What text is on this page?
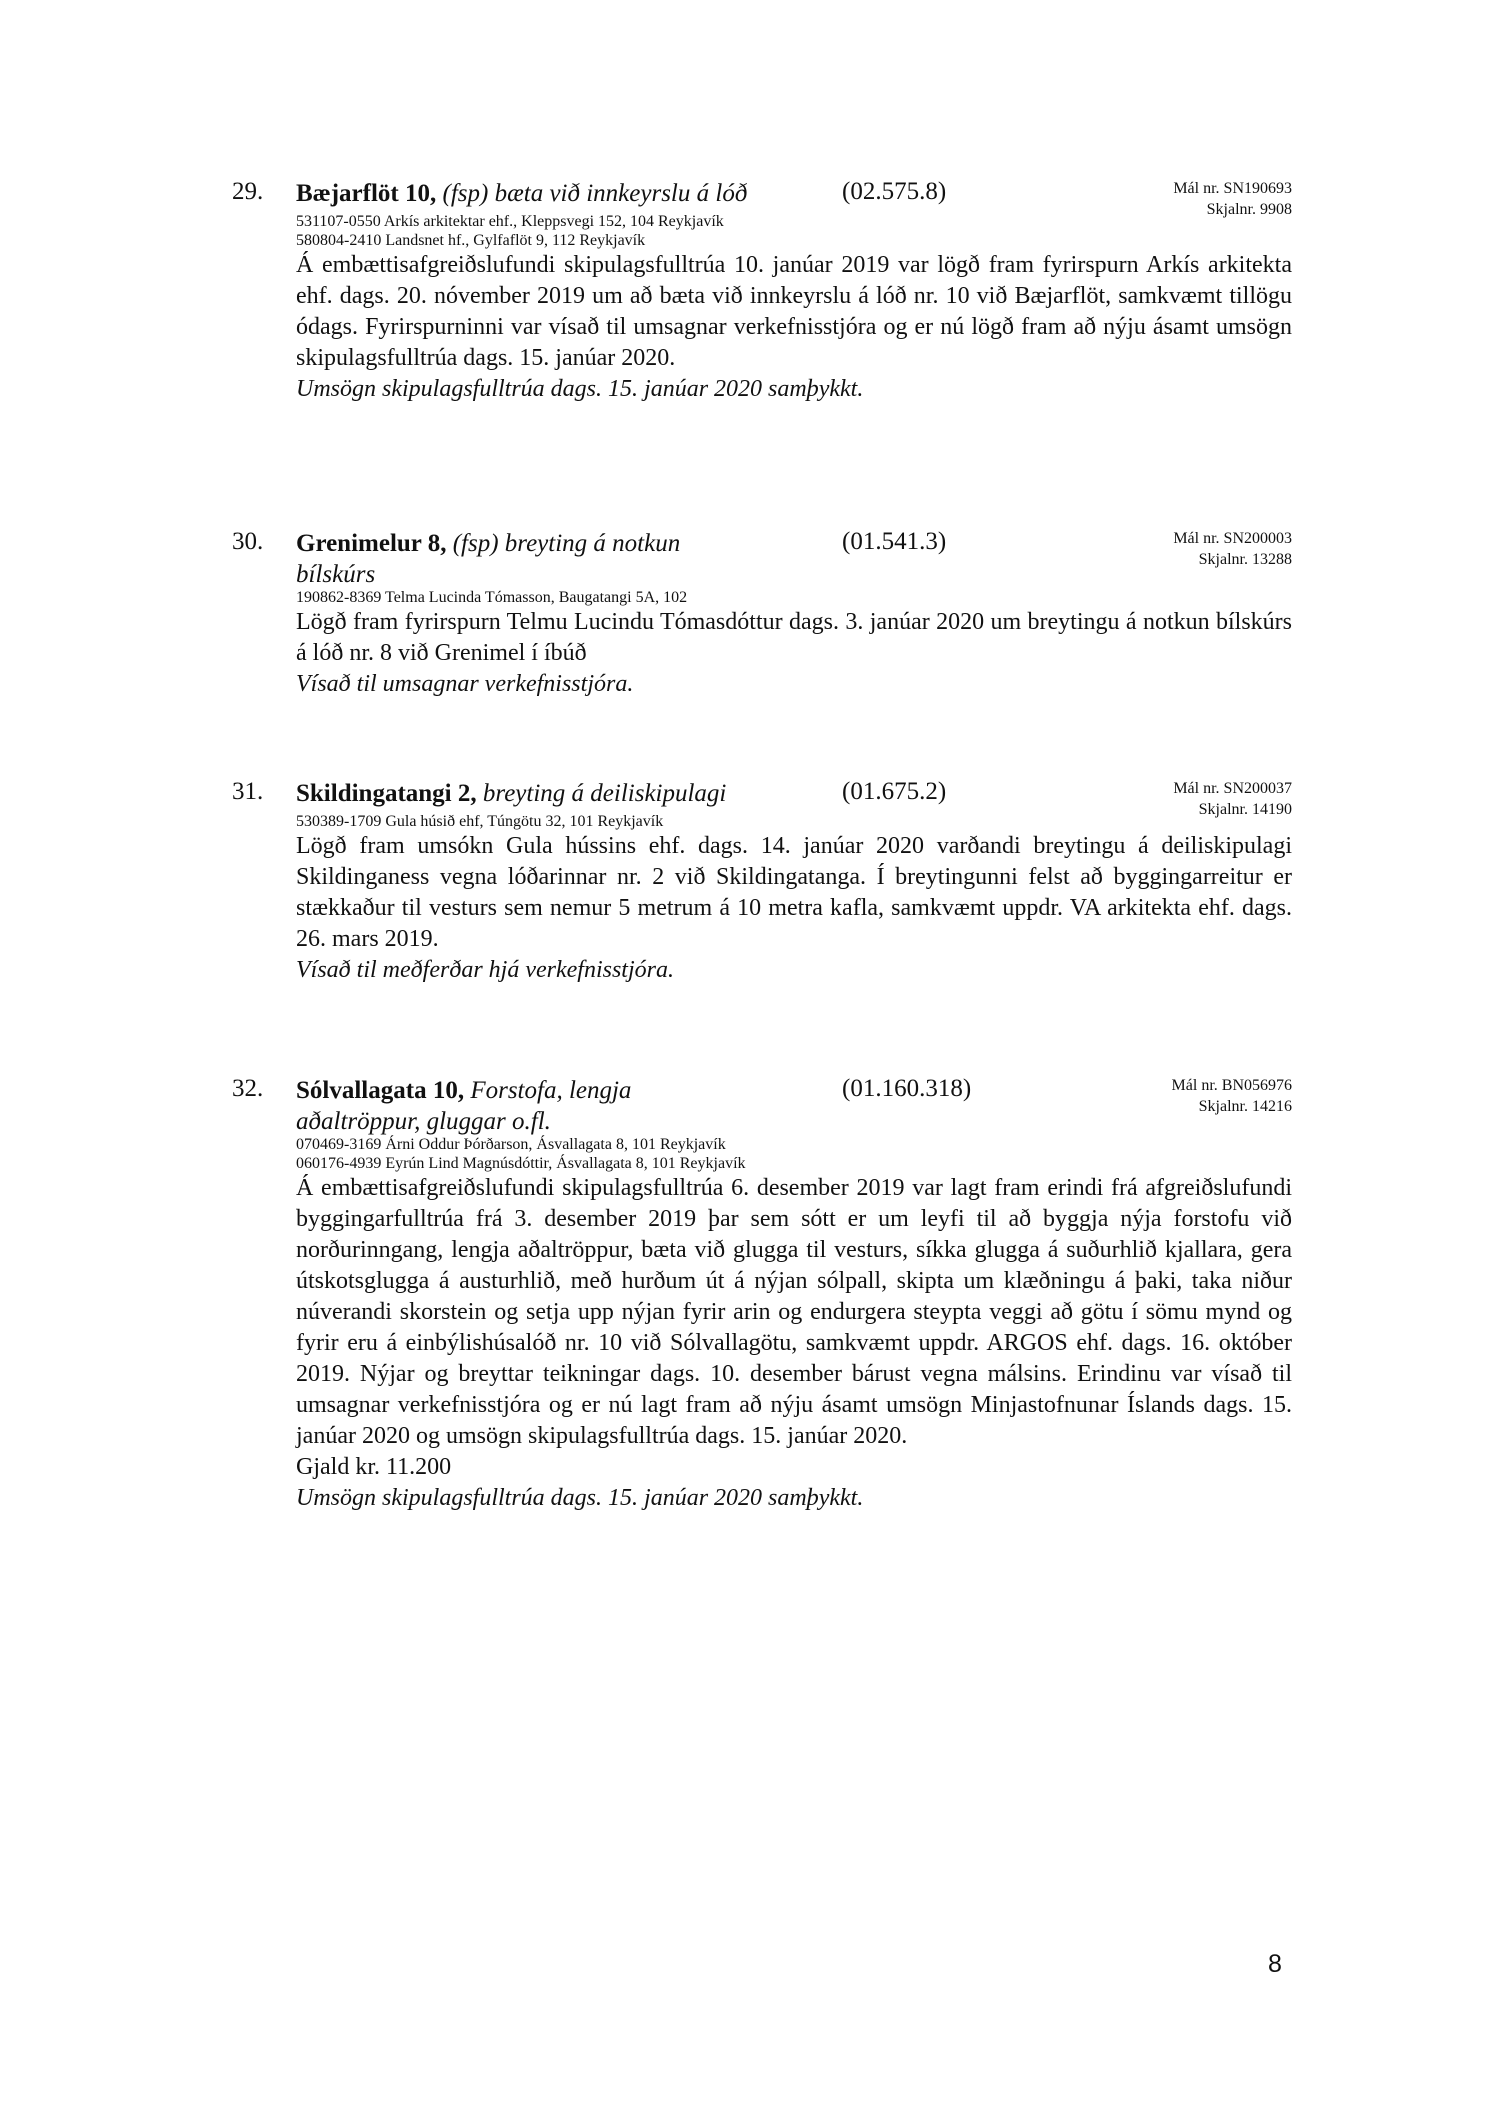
29. Bæjarflöt 10, (fsp) bæta við innkeyrslu á lóð	(02.575.8)	Mál nr. SN190693
Skjalnr. 9908
531107-0550 Arkís arkitektar ehf., Kleppsvegi 152, 104 Reykjavík
580804-2410 Landsnet hf., Gylfaflöt 9, 112 Reykjavík
Á embættisafgreiðslufundi skipulagsfulltrúa 10. janúar 2019 var lögð fram fyrirspurn Arkís arkitekta ehf. dags. 20. nóvember 2019 um að bæta við innkeyrslu á lóð nr. 10 við Bæjarflöt, samkvæmt tillögu ódags. Fyrirspurninni var vísað til umsagnar verkefnisstjóra og er nú lögð fram að nýju ásamt umsögn skipulagsfulltrúa dags. 15. janúar 2020.
Umsögn skipulagsfulltrúa dags. 15. janúar 2020 samþykkt.
30. Grenimelur 8, (fsp) breyting á notkun
bílskúrs
(01.541.3)	Mál nr. SN200003
Skjalnr. 13288
190862-8369 Telma Lucinda Tómasson, Baugatangi 5A, 102
Lögð fram fyrirspurn Telmu Lucindu Tómasdóttur dags. 3. janúar 2020 um breytingu á notkun bílskúrs á lóð nr. 8 við Grenimel í íbúð
Vísað til umsagnar verkefnisstjóra.
31. Skildingatangi 2, breyting á deiliskipulagi	(01.675.2)	Mál nr. SN200037
Skjalnr. 14190
530389-1709 Gula húsið ehf, Túngötu 32, 101 Reykjavík
Lögð fram umsókn Gula hússins ehf. dags. 14. janúar 2020 varðandi breytingu á deiliskipulagi Skildinganess vegna lóðarinnar nr. 2 við Skildingatanga. Í breytingunni felst að byggingarreitur er stækkaður til vesturs sem nemur 5 metrum á 10 metra kafla, samkvæmt uppdr. VA arkitekta ehf. dags. 26. mars 2019.
Vísað til meðferðar hjá verkefnisstjóra.
32. Sólvallagata 10, Forstofa, lengja
aðaltröppur, gluggar o.fl.
(01.160.318)	Mál nr. BN056976
Skjalnr. 14216
070469-3169 Árni Oddur Þórðarson, Ásvallagata 8, 101 Reykjavík
060176-4939 Eyrún Lind Magnúsdóttir, Ásvallagata 8, 101 Reykjavík
Á embættisafgreiðslufundi skipulagsfulltrúa 6. desember 2019 var lagt fram erindi frá afgreiðslufundi byggingarfulltrúa frá 3. desember 2019 þar sem sótt er um leyfi til að byggja nýja forstofu við norðurinngang, lengja aðaltröppur, bæta við glugga til vesturs, síkka glugga á suðurhlið kjallara, gera útskotsglugga á austurhlið, með hurðum út á nýjan sólpall, skipta um klæðningu á þaki, taka niður núverandi skorstein og setja upp nýjan fyrir arin og endurgera steypta veggi að götu í sömu mynd og fyrir eru á einbýlishúsalóð nr. 10 við Sólvallagötu, samkvæmt uppdr. ARGOS ehf. dags. 16. október 2019. Nýjar og breyttar teikningar dags. 10. desember bárust vegna málsins. Erindinu var vísað til umsagnar verkefnisstjóra og er nú lagt fram að nýju ásamt umsögn Minjastofnunar Íslands dags. 15. janúar 2020 og umsögn skipulagsfulltrúa dags. 15. janúar 2020.
Gjald kr. 11.200
Umsögn skipulagsfulltrúa dags. 15. janúar 2020 samþykkt.
8
